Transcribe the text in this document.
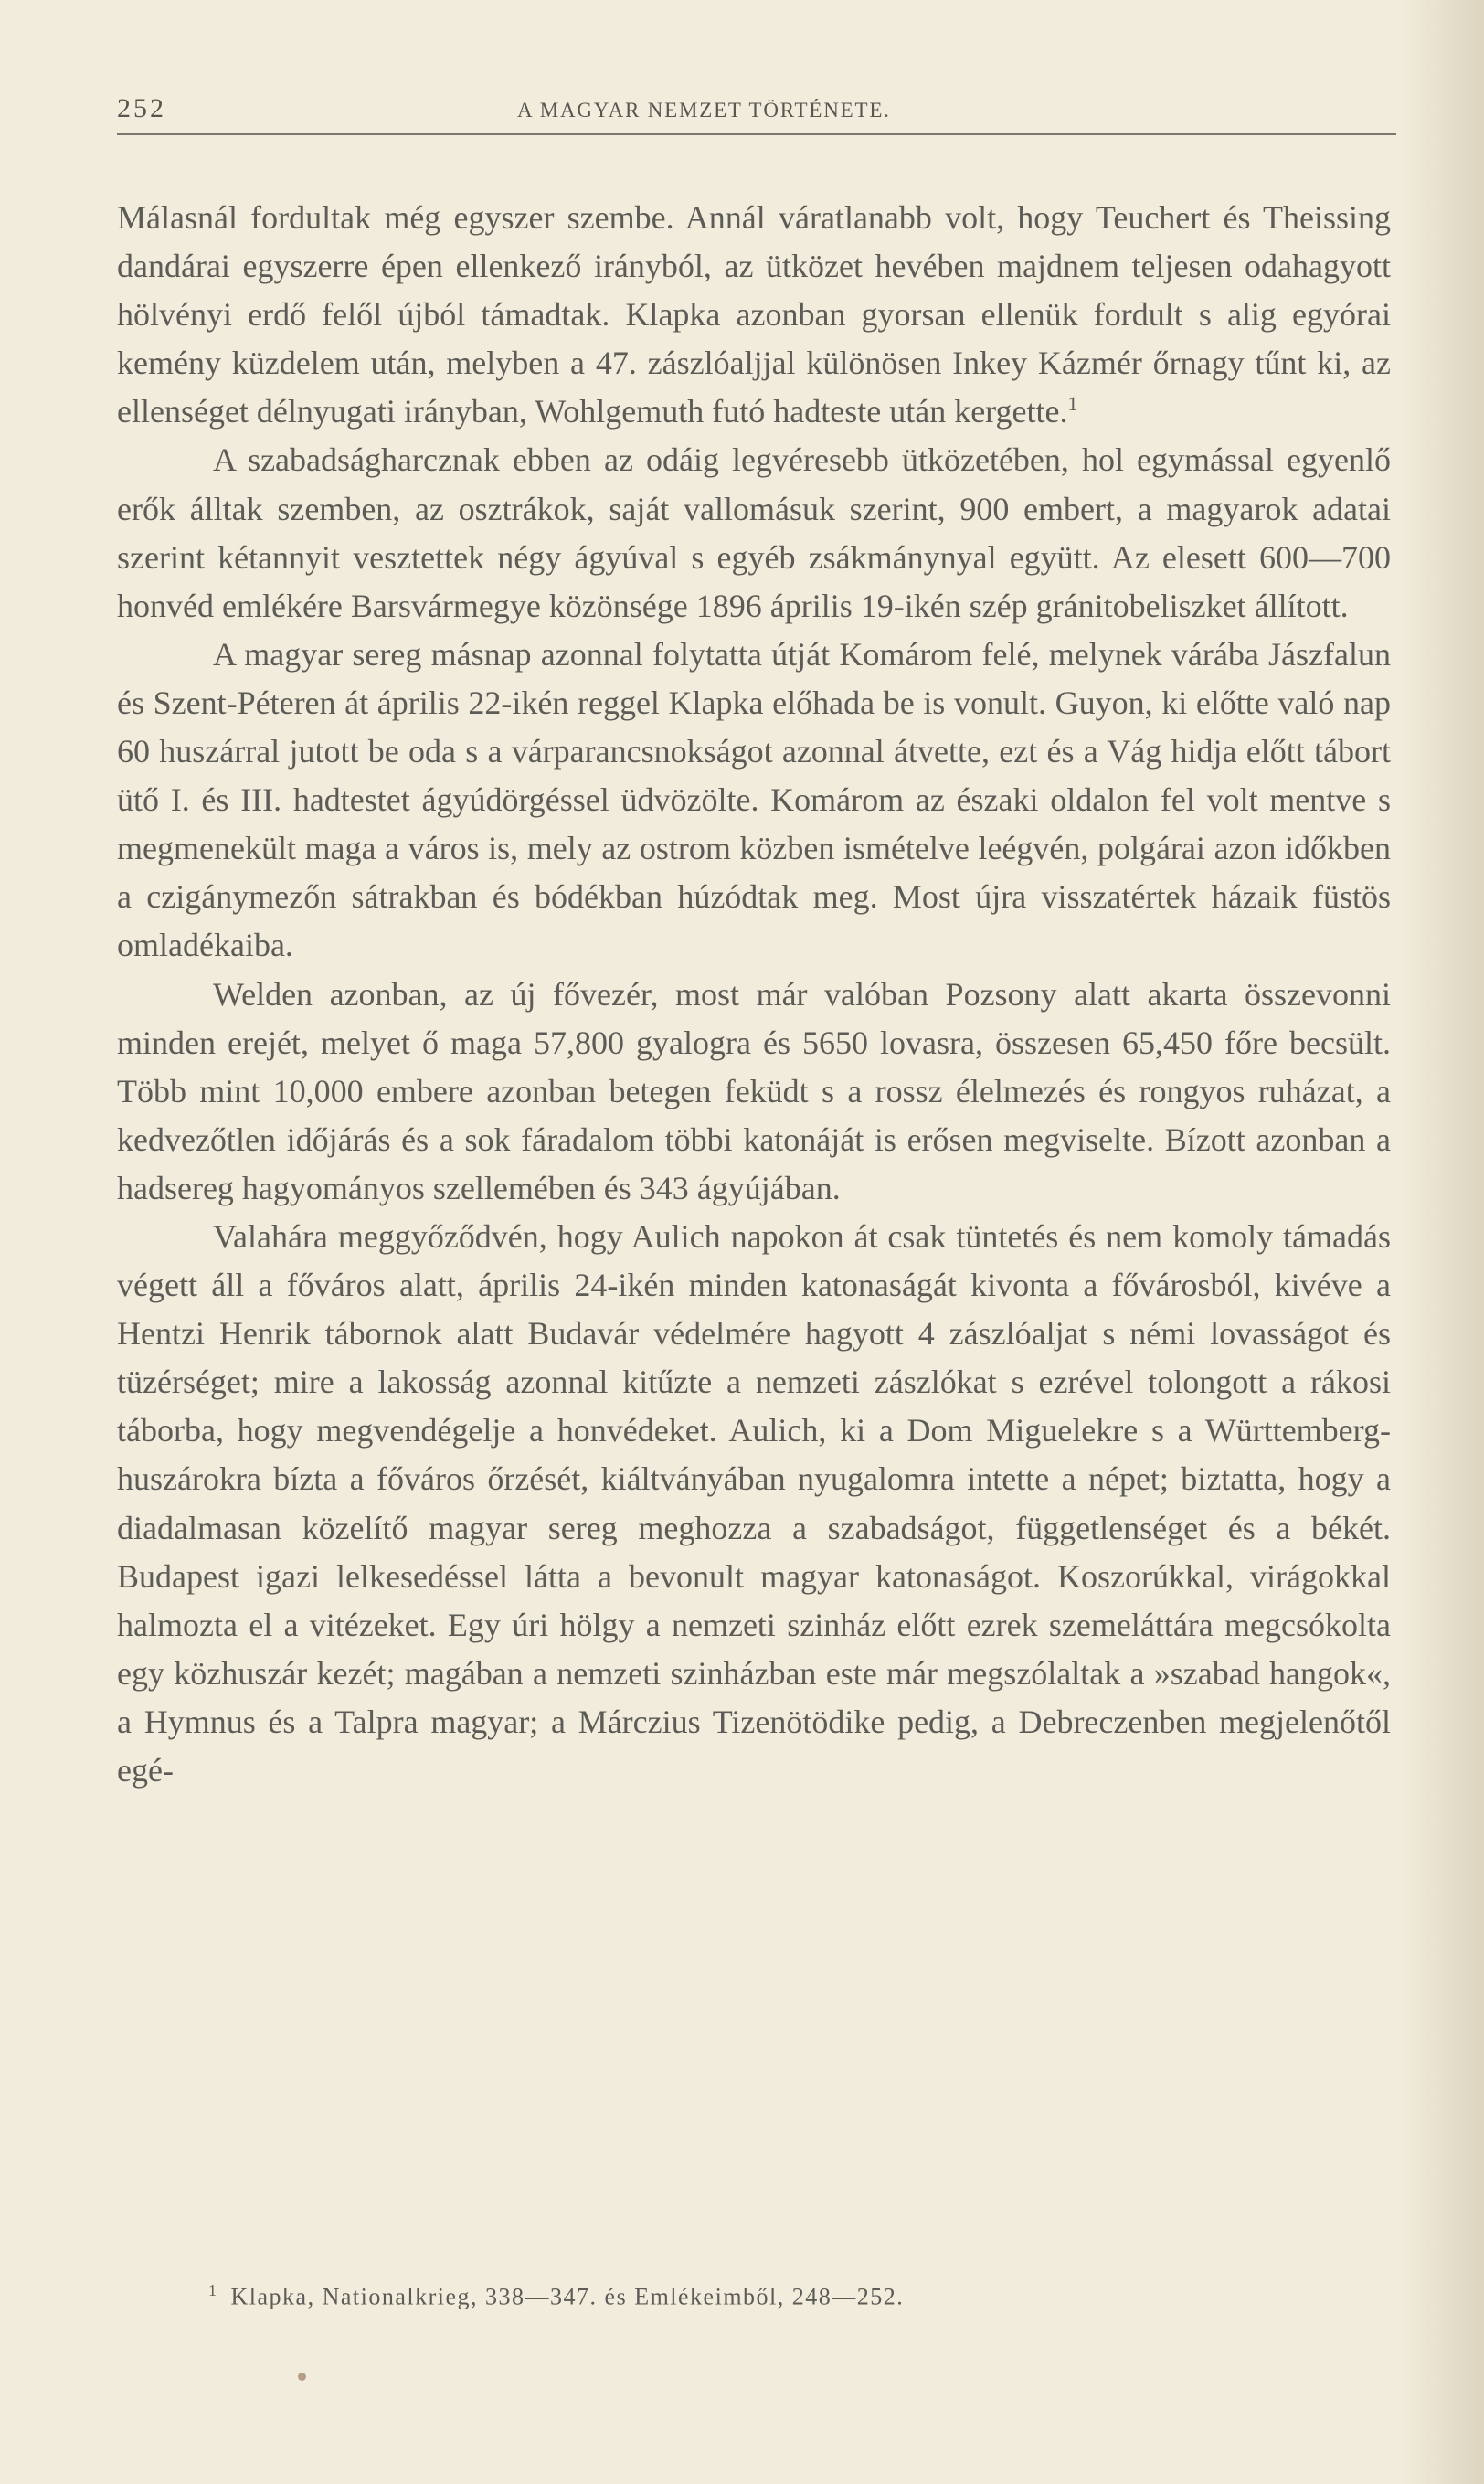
252	A MAGYAR NEMZET TÖRTÉNETE.

Málasnál fordultak még egyszer szembe. Annál váratlanabb volt, hogy Teuchert és Theissing dandárai egyszerre épen ellenkező irányból, az ütközet hevében majdnem teljesen odahagyott hölvényi erdő felől újból támadtak. Klapka azonban gyorsan ellenük fordult s alig egyórai kemény küzdelem után, melyben a 47. zászlóaljjal különösen Inkey Kázmér őrnagy tűnt ki, az ellenséget délnyugati irányban, Wohlgemuth futó hadteste után kergette.$^1$

A szabadságharcznak ebben az odáig legvéresebb ütközetében, hol egymással egyenlő erők álltak szemben, az osztrákok, saját vallomásuk szerint, 900 embert, a magyarok adatai szerint kétannyit vesztettek négy ágyúval s egyéb zsákmánynyal együtt. Az elesett 600—700 honvéd emlékére Barsvármegye közönsége 1896 április 19-ikén szép gránitobeliszket állított.

A magyar sereg másnap azonnal folytatta útját Komárom felé, melynek várába Jászfalun és Szent-Péteren át április 22-ikén reggel Klapka előhada be is vonult. Guyon, ki előtte való nap 60 huszárral jutott be oda s a várparancsnokságot azonnal átvette, ezt és a Vág hidja előtt tábort ütő I. és III. hadtestet ágyúdörgéssel üdvözölte. Komárom az északi oldalon fel volt mentve s megmenekült maga a város is, mely az ostrom közben ismételve leégvén, polgárai azon időkben a czigánymezőn sátrakban és bódékban húzódtak meg. Most újra visszatértek házaik füstös omladékaiba.

Welden azonban, az új fővezér, most már valóban Pozsony alatt akarta összevonni minden erejét, melyet ő maga 57,800 gyalogra és 5650 lovasra, összesen 65,450 főre becsült. Több mint 10,000 embere azonban betegen feküdt s a rossz élelmezés és rongyos ruházat, a kedvezőtlen időjárás és a sok fáradalom többi katonáját is erősen megviselte. Bízott azonban a hadsereg hagyományos szellemében és 343 ágyújában.

Valahára meggyőződvén, hogy Aulich napokon át csak tüntetés és nem komoly támadás végett áll a főváros alatt, április 24-ikén minden katonaságát kivonta a fővárosból, kivéve a Hentzi Henrik tábornok alatt Budavár védelmére hagyott 4 zászlóaljat s némi lovasságot és tüzérséget; mire a lakosság azonnal kitűzte a nemzeti zászlókat s ezrével tolongott a rákosi táborba, hogy megvendégelje a honvédeket. Aulich, ki a Dom Miguelekre s a Württemberg-huszárokra bízta a főváros őrzését, kiáltványában nyugalomra intette a népet; biztatta, hogy a diadalmasan közelítő magyar sereg meghozza a szabadságot, függetlenséget és a békét. Budapest igazi lelkesedéssel látta a bevonult magyar katonaságot. Koszorúkkal, virágokkal halmozta el a vitézeket. Egy úri hölgy a nemzeti szinház előtt ezrek szemeláttára megcsókolta egy közhuszár kezét; magában a nemzeti szinházban este már megszólaltak a »szabad hangok«, a Hymnus és a Talpra magyar; a Márczius Tizenötödike pedig, a Debreczenben megjelenőtől egé-

$^1$ Klapka, Nationalkrieg, 338—347. és Emlékeimből, 248—252.
